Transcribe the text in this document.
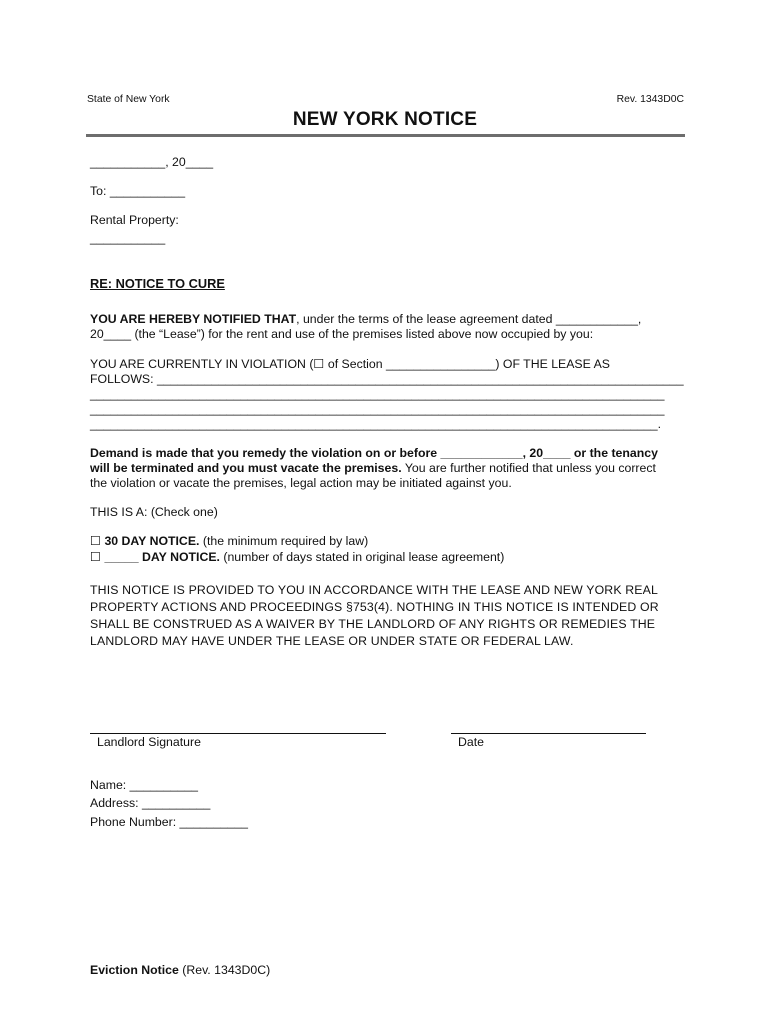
State of New York	Rev. 1343D0C
NEW YORK NOTICE
___________, 20____
To: ___________
Rental Property:
___________
RE: NOTICE TO CURE
YOU ARE HEREBY NOTIFIED THAT, under the terms of the lease agreement dated ____________,
20____ (the “Lease”) for the rent and use of the premises listed above now occupied by you:
YOU ARE CURRENTLY IN VIOLATION (☐ of Section ________________) OF THE LEASE AS
FOLLOWS: _____________________________________________________________________________
____________________________________________________________________________________
____________________________________________________________________________________
___________________________________________________________________________________.
Demand is made that you remedy the violation on or before ____________, 20____ or the tenancy
will be terminated and you must vacate the premises. You are further notified that unless you correct
the violation or vacate the premises, legal action may be initiated against you.
THIS IS A: (Check one)
☐ 30 DAY NOTICE. (the minimum required by law)
☐ _____ DAY NOTICE. (number of days stated in original lease agreement)
THIS NOTICE IS PROVIDED TO YOU IN ACCORDANCE WITH THE LEASE AND NEW YORK REAL
PROPERTY ACTIONS AND PROCEEDINGS §753(4). NOTHING IN THIS NOTICE IS INTENDED OR
SHALL BE CONSTRUED AS A WAIVER BY THE LANDLORD OF ANY RIGHTS OR REMEDIES THE
LANDLORD MAY HAVE UNDER THE LEASE OR UNDER STATE OR FEDERAL LAW.
Landlord Signature	Date
Name: __________
Address: __________
Phone Number: __________
Eviction Notice (Rev. 1343D0C)
